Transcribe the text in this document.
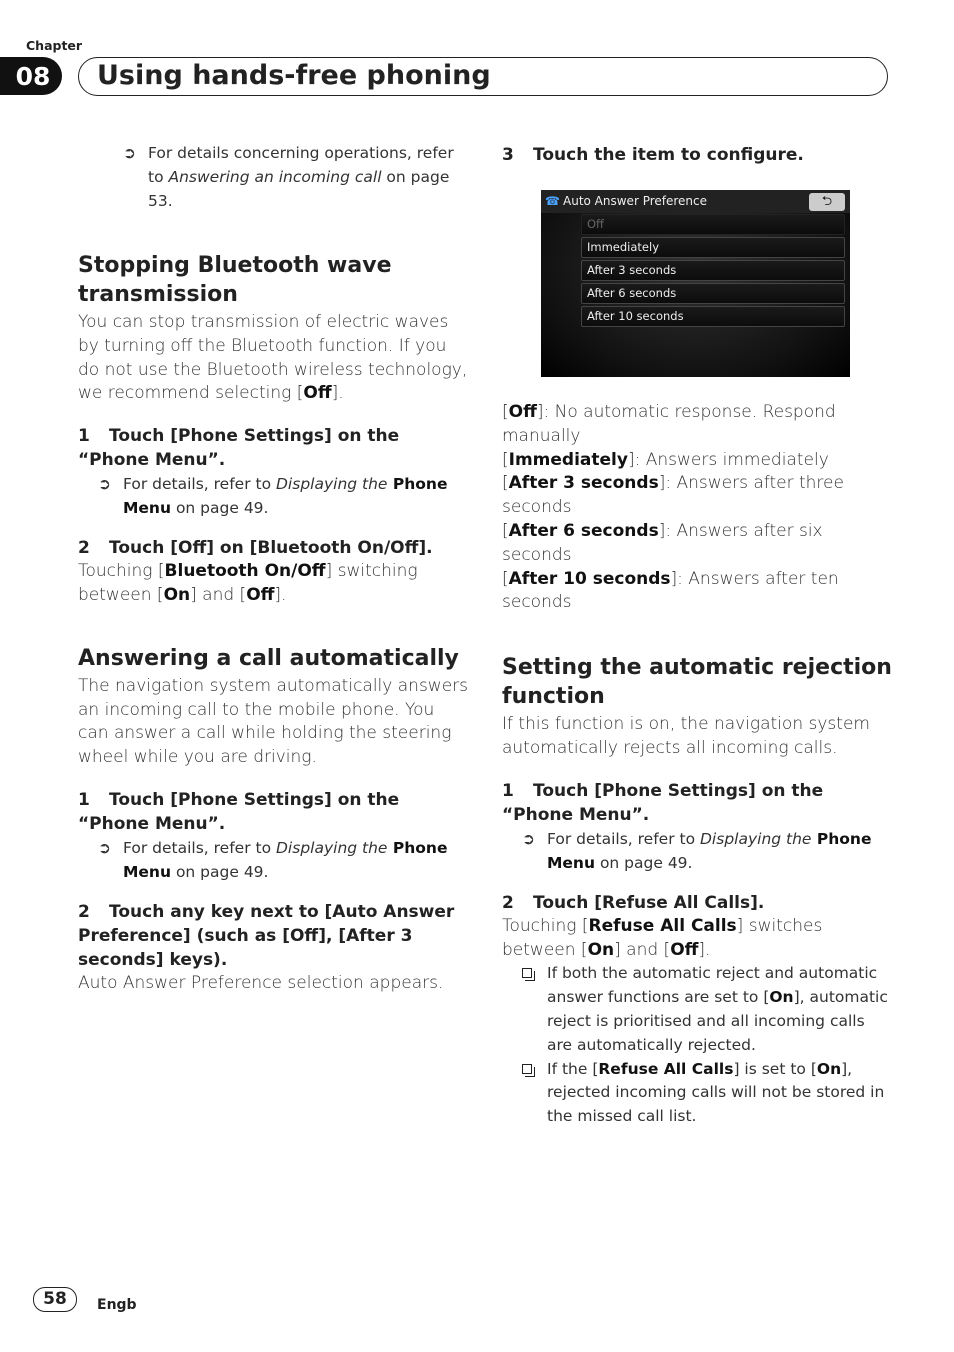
Chapter
08	Using hands-free phoning
➲ For details concerning operations, refer to Answering an incoming call on page 53.
Stopping Bluetooth wave transmission
You can stop transmission of electric waves by turning off the Bluetooth function. If you do not use the Bluetooth wireless technology, we recommend selecting [Off].

1 Touch [Phone Settings] on the “Phone Menu”.

➲ For details, refer to Displaying the Phone Menu on page 49.

2 Touch [Off] on [Bluetooth On/Off].

Touching [Bluetooth On/Off] switching between [On] and [Off].
Answering a call automatically
The navigation system automatically answers an incoming call to the mobile phone. You can answer a call while holding the steering wheel while you are driving.

1 Touch [Phone Settings] on the “Phone Menu”.

➲ For details, refer to Displaying the Phone Menu on page 49.

2 Touch any key next to [Auto Answer Preference] (such as [Off], [After 3 seconds] keys).

Auto Answer Preference selection appears.

3 Touch the item to configure.

☎ Auto Answer Preference	⮌
Off
Immediately
After 3 seconds
After 6 seconds
After 10 seconds
[Off]: No automatic response. Respond manually
[Immediately]: Answers immediately
[After 3 seconds]: Answers after three seconds
[After 6 seconds]: Answers after six seconds
[After 10 seconds]: Answers after ten seconds
Setting the automatic rejection function
If this function is on, the navigation system automatically rejects all incoming calls.

1 Touch [Phone Settings] on the “Phone Menu”.

➲ For details, refer to Displaying the Phone Menu on page 49.

2 Touch [Refuse All Calls].

Touching [Refuse All Calls] switches between [On] and [Off].
If both the automatic reject and automatic answer functions are set to [On], automatic reject is prioritised and all incoming calls are automatically rejected.
If the [Refuse All Calls] is set to [On], rejected incoming calls will not be stored in the missed call list.
58	Engb
